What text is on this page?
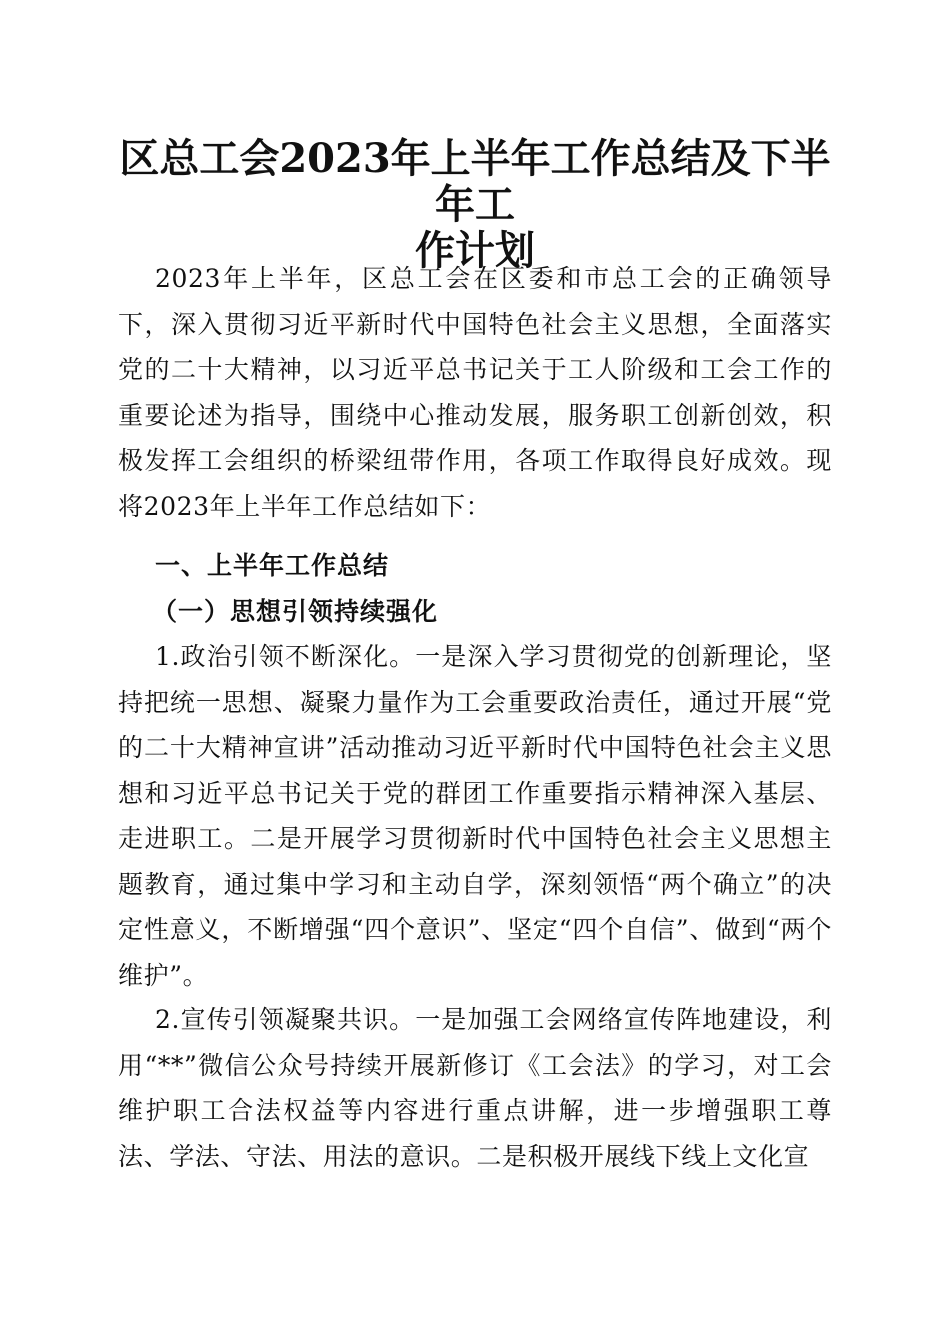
区总工会2023年上半年工作总结及下半年工
作计划

2023年上半年，区总工会在区委和市总工会的正确领导下，深入贯彻习近平新时代中国特色社会主义思想，全面落实党的二十大精神，以习近平总书记关于工人阶级和工会工作的重要论述为指导，围绕中心推动发展，服务职工创新创效，积极发挥工会组织的桥梁纽带作用，各项工作取得良好成效。现将2023年上半年工作总结如下：

一、上半年工作总结
（一）思想引领持续强化

1.政治引领不断深化。一是深入学习贯彻党的创新理论，坚持把统一思想、凝聚力量作为工会重要政治责任，通过开展“党的二十大精神宣讲”活动推动习近平新时代中国特色社会主义思想和习近平总书记关于党的群团工作重要指示精神深入基层、走进职工。二是开展学习贯彻新时代中国特色社会主义思想主题教育，通过集中学习和主动自学，深刻领悟“两个确立”的决定性意义，不断增强“四个意识”、坚定“四个自信”、做到“两个维护”。

2.宣传引领凝聚共识。一是加强工会网络宣传阵地建设，利用“**”微信公众号持续开展新修订《工会法》的学习，对工会维护职工合法权益等内容进行重点讲解，进一步增强职工尊法、学法、守法、用法的意识。二是积极开展线下线上文化宣
